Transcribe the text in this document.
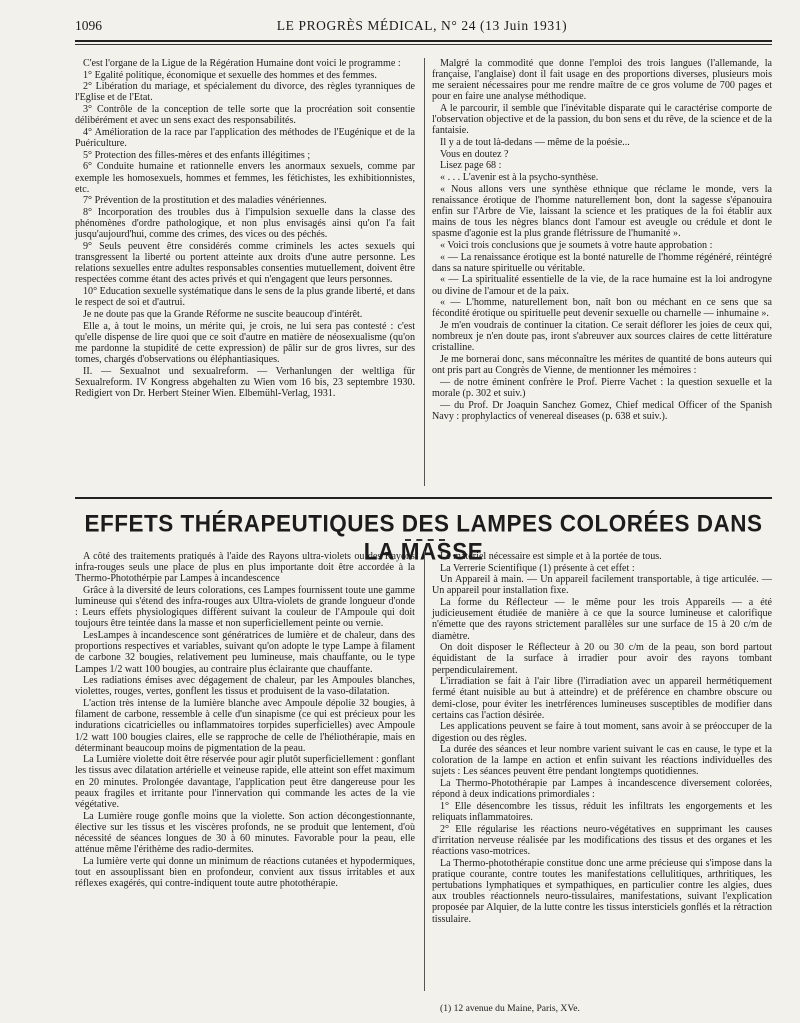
1096	LE PROGRÈS MÉDICAL, N° 24 (13 Juin 1931)

C'est l'organe de la Ligue de la Régération Humaine dont voici le programme :

1° Egalité politique, économique et sexuelle des hommes et des femmes.

2° Libération du mariage, et spécialement du divorce, des règles tyranniques de l'Eglise et de l'Etat.

3° Contrôle de la conception de telle sorte que la procréation soit consentie délibérément et avec un sens exact des responsabilités.

4° Amélioration de la race par l'application des méthodes de l'Eugénique et de la Puériculture.

5° Protection des filles-mères et des enfants illégitimes ;

6° Conduite humaine et rationnelle envers les anormaux sexuels, comme par exemple les homosexuels, hommes et femmes, les fétichistes, les exhibitionnistes, etc.

7° Prévention de la prostitution et des maladies vénériennes.

8° Incorporation des troubles dus à l'impulsion sexuelle dans la classe des phénomènes d'ordre pathologique, et non plus envisagés ainsi qu'on l'a fait jusqu'aujourd'hui, comme des crimes, des vices ou des péchés.

9° Seuls peuvent être considérés comme criminels les actes sexuels qui transgressent la liberté ou portent atteinte aux droits d'une autre personne. Les relations sexuelles entre adultes responsables consenties mutuellement, doivent être respectées comme étant des actes privés et qui n'engagent que leurs personnes.

10° Education sexuelle systématique dans le sens de la plus grande liberté, et dans le respect de soi et d'autrui.

Je ne doute pas que la Grande Réforme ne suscite beaucoup d'intérêt.

Elle a, à tout le moins, un mérite qui, je crois, ne lui sera pas contesté : c'est qu'elle dispense de lire quoi que ce soit d'autre en matière de néosexualisme (qu'on me pardonne la stupidité de cette expression) de pâlir sur de gros livres, sur des tomes, chargés d'observations ou éléphantiasiques.

II. — Sexualnot und sexualreform. — Verhanlungen der weltliga für Sexualreform. IV Kongress abgehalten zu Wien vom 16 bis, 23 septembre 1930. Redigiert von Dr. Herbert Steiner Wien. Elbemühl-Verlag, 1931.

Malgré la commodité que donne l'emploi des trois langues (l'allemande, la française, l'anglaise) dont il fait usage en des proportions diverses, plusieurs mois me seraient nécessaires pour me rendre maître de ce gros volume de 700 pages et pour en faire une analyse méthodique.

A le parcourir, il semble que l'inévitable disparate qui le caractérise comporte de l'observation objective et de la passion, du bon sens et du rêve, de la science et de la fantaisie.

Il y a de tout là-dedans — même de la poésie...

Vous en doutez ?

Lisez page 68 :

« . . . L'avenir est à la psycho-synthèse.

« Nous allons vers une synthèse ethnique que réclame le monde, vers la renaissance érotique de l'homme naturellement bon, dont la sagesse s'épanouira enfin sur l'Arbre de Vie, laissant la science et les pratiques de la foi établir aux mains de tous les nègres blancs dont l'amour est aveugle ou crédule et dont le spasme d'agonie est la plus grande flétrissure de l'humanité ».

« Voici trois conclusions que je soumets à votre haute approbation :

« — La renaissance érotique est la bonté naturelle de l'homme régénéré, réintégré dans sa nature spirituelle ou véritable.

« — La spiritualité essentielle de la vie, de la race humaine est la loi androgyne ou divine de l'amour et de la paix.

« — L'homme, naturellement bon, naît bon ou méchant en ce sens que sa fécondité érotique ou spirituelle peut devenir sexuelle ou charnelle — inhumaine ».

Je m'en voudrais de continuer la citation. Ce serait déflorer les joies de ceux qui, nombreux je n'en doute pas, iront s'abreuver aux sources claires de cette littérature cristalline.

Je me bornerai donc, sans méconnaître les mérites de quantité de bons auteurs qui ont pris part au Congrès de Vienne, de mentionner les mémoires :

— de notre éminent confrère le Prof. Pierre Vachet : la question sexuelle et la morale (p. 302 et suiv.)

— du Prof. Dr Joaquin Sanchez Gomez, Chief medical Officer of the Spanish Navy : prophylactics of venereal diseases (p. 638 et suiv.).

EFFETS THÉRAPEUTIQUES DES LAMPES COLORÉES DANS LA MASSE

A côté des traitements pratiqués à l'aide des Rayons ultra-violets ou des Rayons infra-rouges seuls une place de plus en plus importante doit être accordée à la Thermo-Photothérpie par Lampes à incandescence

Grâce à la diversité de leurs colorations, ces Lampes fournissent toute une gamme lumineuse qui s'étend des infra-rouges aux Ultra-violets de grande longueur d'onde : Leurs effets physiologiques diffèrent suivant la couleur de l'Ampoule qui doit toujours être teintée dans la masse et non superficiellement peinte ou vernie.

LesLampes à incandescence sont génératrices de lumière et de chaleur, dans des proportions respectives et variables, suivant qu'on adopte le type Lampe à filament de carbone 32 bougies, relativement peu lumineuse, mais chauffante, ou le type Lampes 1/2 watt 100 bougies, au contraire plus éclairante que chauffante.

Les radiations émises avec dégagement de chaleur, par les Ampoules blanches, violettes, rouges, vertes, gonflent les tissus et produisent de la vaso-dilatation.

L'action très intense de la lumière blanche avec Ampoule dépolie 32 bougies, à filament de carbone, ressemble à celle d'un sinapisme (ce qui est précieux pour les indurations cicatricielles ou inflammatoires torpides superficielles) avec Ampoule 1/2 watt 100 bougies claires, elle se rapproche de celle de l'héliothérapie, mais en déterminant beaucoup moins de pigmentation de la peau.

La Lumière violette doit être réservée pour agir plutôt superficiellement : gonflant les tissus avec dilatation artérielle et veineuse rapide, elle atteint son effet maximum en 20 minutes. Prolongée davantage, l'application peut être dangereuse pour les peaux fragiles et irritante pour l'innervation qui commande les actes de la vie végétative.

La Lumière rouge gonfle moins que la violette. Son action décongestionnante, élective sur les tissus et les viscères profonds, ne se produit que lentement, d'où nécessité de séances longues de 30 à 60 minutes. Favorable pour la peau, elle atténue même l'érithème des radio-dermites.

La lumière verte qui donne un minimum de réactions cutanées et hypodermiques, tout en assouplissant bien en profondeur, convient aux tissus irritables et aux réflexes exagérés, qui contre-indiquent toute autre photothérapie.

Le matériel nécessaire est simple et à la portée de tous.

La Verrerie Scientifique (1) présente à cet effet :

Un Appareil à main. — Un appareil facilement transportable, à tige articulée. — Un appareil pour installation fixe.

La forme du Réflecteur — le même pour les trois Appareils — a été judicieusement étudiée de manière à ce que la source lumineuse et calorifique n'émette que des rayons strictement parallèles sur une surface de 15 à 20 c/m de diamètre.

On doit disposer le Réflecteur à 20 ou 30 c/m de la peau, son bord partout équidistant de la surface à irradier pour avoir des rayons tombant perpendiculairement.

L'irradiation se fait à l'air libre (l'irradiation avec un appareil hermétiquement fermé étant nuisible au but à atteindre) et de préférence en chambre obscure ou demi-close, pour éviter les inetrférences lumineuses susceptibles de modifier dans certains cas l'action désirée.

Les applications peuvent se faire à tout moment, sans avoir à se préoccuper de la digestion ou des règles.

La durée des séances et leur nombre varient suivant le cas en cause, le type et la coloration de la lampe en action et enfin suivant les réactions individuelles des sujets : Les séances peuvent être pendant longtemps quotidiennes.

La Thermo-Photothérapie par Lampes à incandescence diversement colorées, répond à deux indications primordiales :

1° Elle désencombre les tissus, réduit les infiltrats les engorgements et les reliquats inflammatoires.

2° Elle régularise les réactions neuro-végétatives en supprimant les causes d'irritation nerveuse réalisée par les modifications des tissus et des organes et les réactions vaso-motrices.

La Thermo-photothérapie constitue donc une arme précieuse qui s'impose dans la pratique courante, contre toutes les manifestations cellulitiques, arthritiques, les pertubations lymphatiques et sympathiques, en particulier contre les algies, dues aux troubles réactionnels neuro-tissulaires, manifestations, suivant l'explication proposée par Alquier, de la lutte contre les tissus intersticiels gonflés et la rétraction tissulaire.

(1) 12 avenue du Maine, Paris, XVe.
